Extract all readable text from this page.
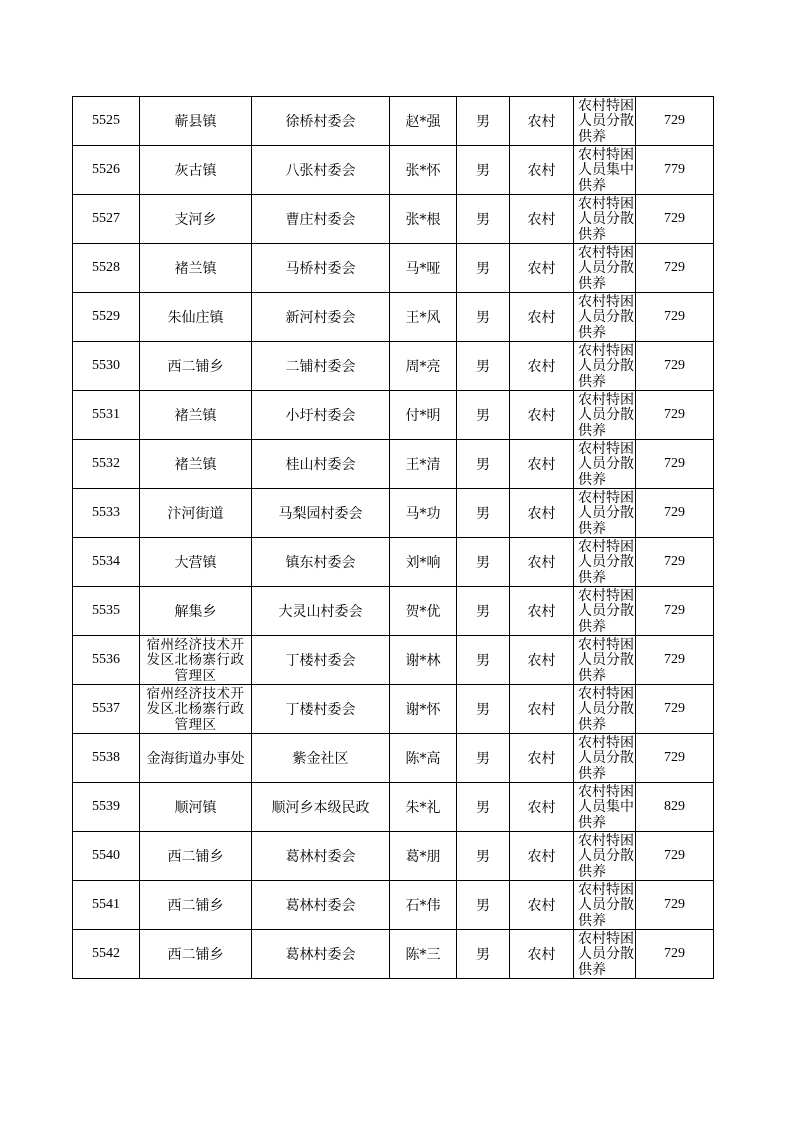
5525	蕲县镇	徐桥村委会	赵*强	男	农村	农村特困人员分散供养	729
5526	灰古镇	八张村委会	张*怀	男	农村	农村特困人员集中供养	779
5527	支河乡	曹庄村委会	张*根	男	农村	农村特困人员分散供养	729
5528	褚兰镇	马桥村委会	马*哑	男	农村	农村特困人员分散供养	729
5529	朱仙庄镇	新河村委会	王*风	男	农村	农村特困人员分散供养	729
5530	西二铺乡	二铺村委会	周*亮	男	农村	农村特困人员分散供养	729
5531	褚兰镇	小圩村委会	付*明	男	农村	农村特困人员分散供养	729
5532	褚兰镇	桂山村委会	王*清	男	农村	农村特困人员分散供养	729
5533	汴河街道	马梨园村委会	马*功	男	农村	农村特困人员分散供养	729
5534	大营镇	镇东村委会	刘*响	男	农村	农村特困人员分散供养	729
5535	解集乡	大灵山村委会	贺*优	男	农村	农村特困人员分散供养	729
5536	宿州经济技术开发区北杨寨行政管理区	丁楼村委会	谢*林	男	农村	农村特困人员分散供养	729
5537	宿州经济技术开发区北杨寨行政管理区	丁楼村委会	谢*怀	男	农村	农村特困人员分散供养	729
5538	金海街道办事处	紫金社区	陈*高	男	农村	农村特困人员分散供养	729
5539	顺河镇	顺河乡本级民政	朱*礼	男	农村	农村特困人员集中供养	829
5540	西二铺乡	葛林村委会	葛*朋	男	农村	农村特困人员分散供养	729
5541	西二铺乡	葛林村委会	石*伟	男	农村	农村特困人员分散供养	729
5542	西二铺乡	葛林村委会	陈*三	男	农村	农村特困人员分散供养	729
